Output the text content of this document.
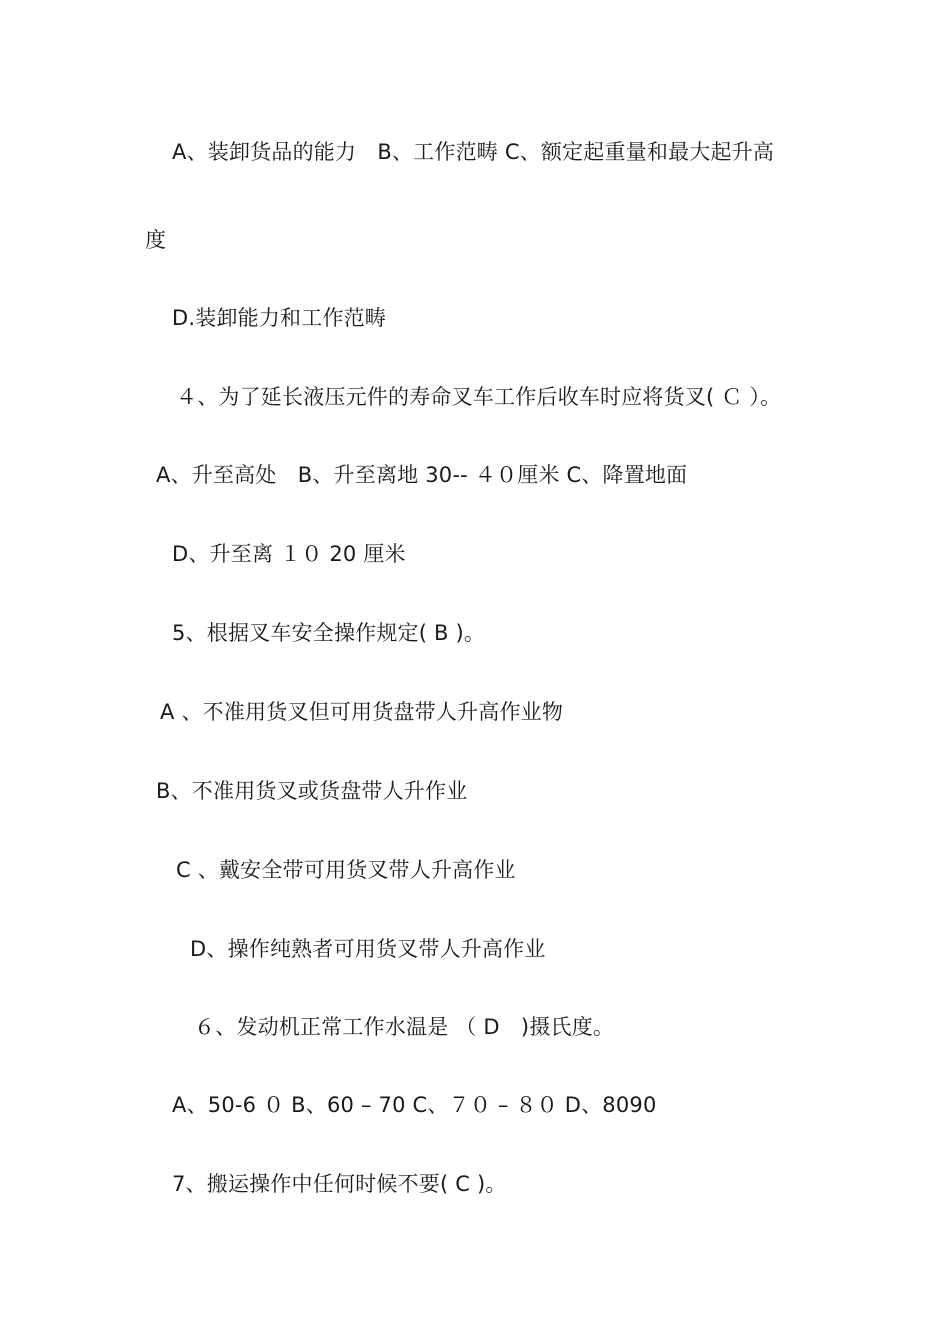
A、装卸货品的能力　B、工作范畴 C、额定起重量和最大起升高
度
D.装卸能力和工作范畴
４、为了延长液压元件的寿命叉车工作后收车时应将货叉( Ｃ ）。
A、升至高处　B、升至离地 30-- ４０厘米 C、降置地面
D、升至离 １０ 20 厘米
5、根据叉车安全操作规定( B )。
A 、不准用货叉但可用货盘带人升高作业物
B、不准用货叉或货盘带人升作业
C 、戴安全带可用货叉带人升高作业
D、操作纯熟者可用货叉带人升高作业
６、发动机正常工作水温是 （ D　)摄氏度。
A、50-6 ０ B、60 – 70 C、７０ – ８０ D、8090
7、搬运操作中任何时候不要( C )。
